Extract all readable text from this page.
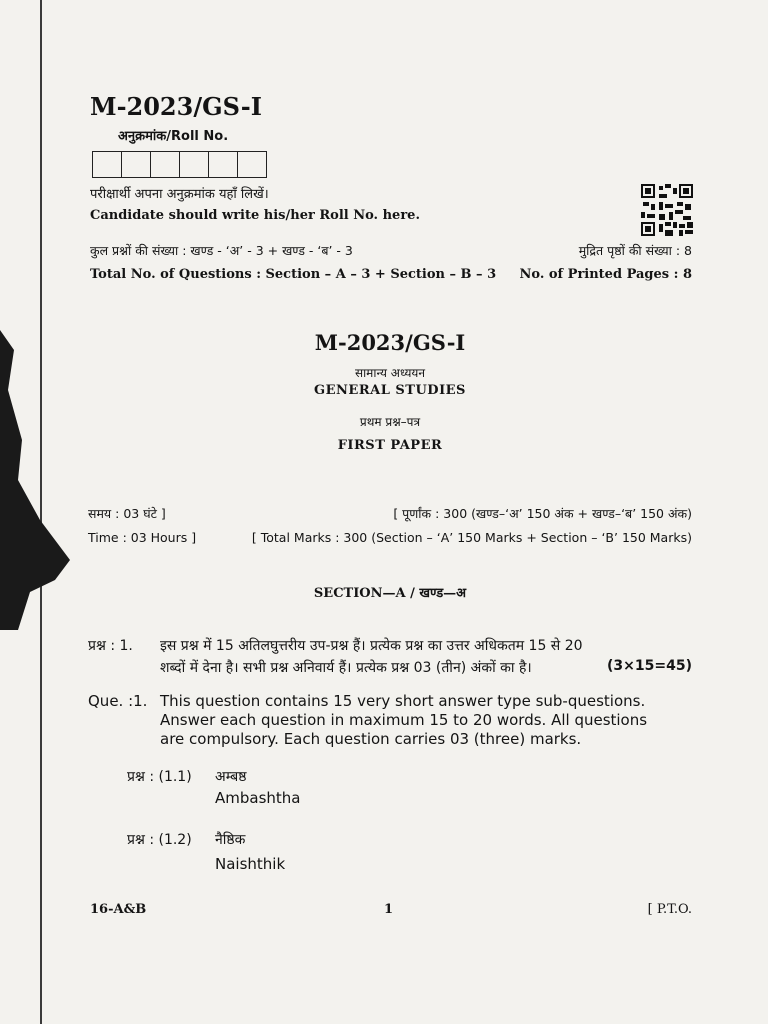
M-2023/GS-I
अनुक्रमांक/Roll No.
परीक्षार्थी अपना अनुक्रमांक यहाँ लिखें।
Candidate should write his/her Roll No. here.
कुल प्रश्नों की संख्या : खण्ड - ‘अ’ - 3 + खण्ड - ‘ब’ - 3	मुद्रित पृष्ठों की संख्या : 8
Total No. of Questions : Section – A – 3 + Section – B – 3 No. of Printed Pages : 8
M-2023/GS-I
सामान्य अध्ययन
GENERAL STUDIES
प्रथम प्रश्न–पत्र
FIRST PAPER
समय : 03 घंटे ]	[ पूर्णांक : 300 (खण्ड–‘अ’ 150 अंक + खण्ड–‘ब’ 150 अंक)
Time : 03 Hours ]	[ Total Marks : 300 (Section – ‘A’ 150 Marks + Section – ‘B’ 150 Marks)
SECTION—A / खण्ड—अ
प्रश्न : 1. इस प्रश्न में 15 अतिलघुत्तरीय उप-प्रश्न हैं। प्रत्येक प्रश्न का उत्तर अधिकतम 15 से 20
शब्दों में देना है। सभी प्रश्न अनिवार्य हैं। प्रत्येक प्रश्न 03 (तीन) अंकों का है।	(3×15=45)
Que. :1. This question contains 15 very short answer type sub-questions.
Answer each question in maximum 15 to 20 words. All questions
are compulsory. Each question carries 03 (three) marks.
प्रश्न : (1.1) अम्बष्ठ
Ambashtha
प्रश्न : (1.2) नैष्ठिक
Naishthik
16-A&B	1	[ P.T.O.
